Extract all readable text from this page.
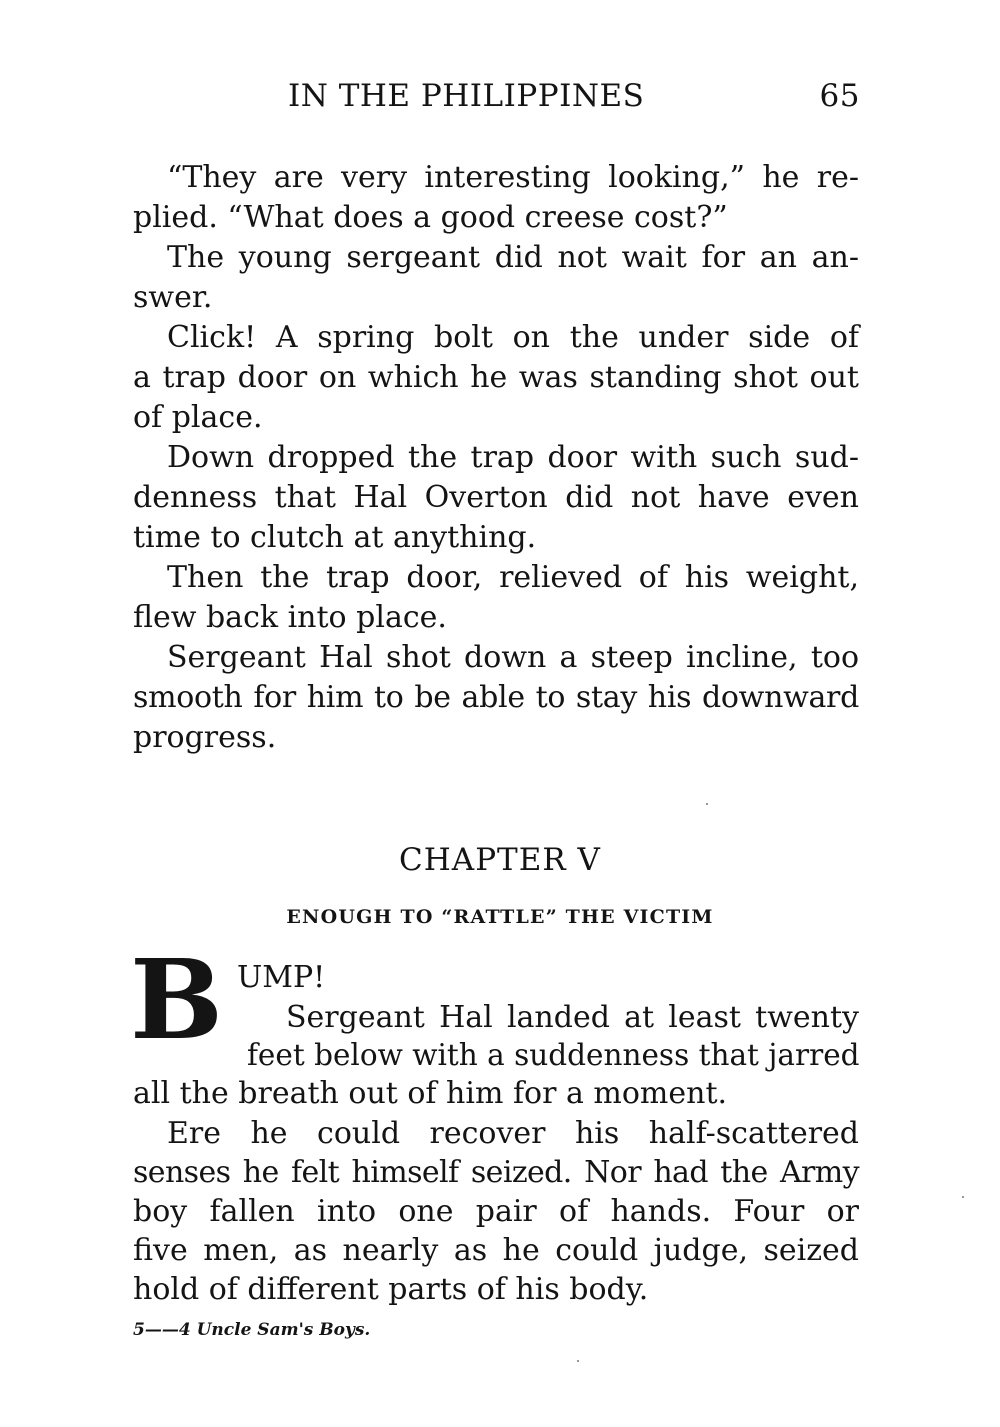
IN THE PHILIPPINES	65
“They are very interesting looking,” he re-
plied. “What does a good creese cost?”
The young sergeant did not wait for an an-
swer.
Click! A spring bolt on the under side of
a trap door on which he was standing shot out
of place.
Down dropped the trap door with such sud-
denness that Hal Overton did not have even
time to clutch at anything.
Then the trap door, relieved of his weight,
flew back into place.
Sergeant Hal shot down a steep incline, too
smooth for him to be able to stay his downward
progress.
CHAPTER V
ENOUGH TO “RATTLE” THE VICTIM
B UMP!
Sergeant Hal landed at least twenty
feet below with a suddenness that jarred
all the breath out of him for a moment.
Ere he could recover his half-scattered
senses he felt himself seized. Nor had the Army
boy fallen into one pair of hands. Four or
five men, as nearly as he could judge, seized
hold of different parts of his body.
5——4 Uncle Sam's Boys.
